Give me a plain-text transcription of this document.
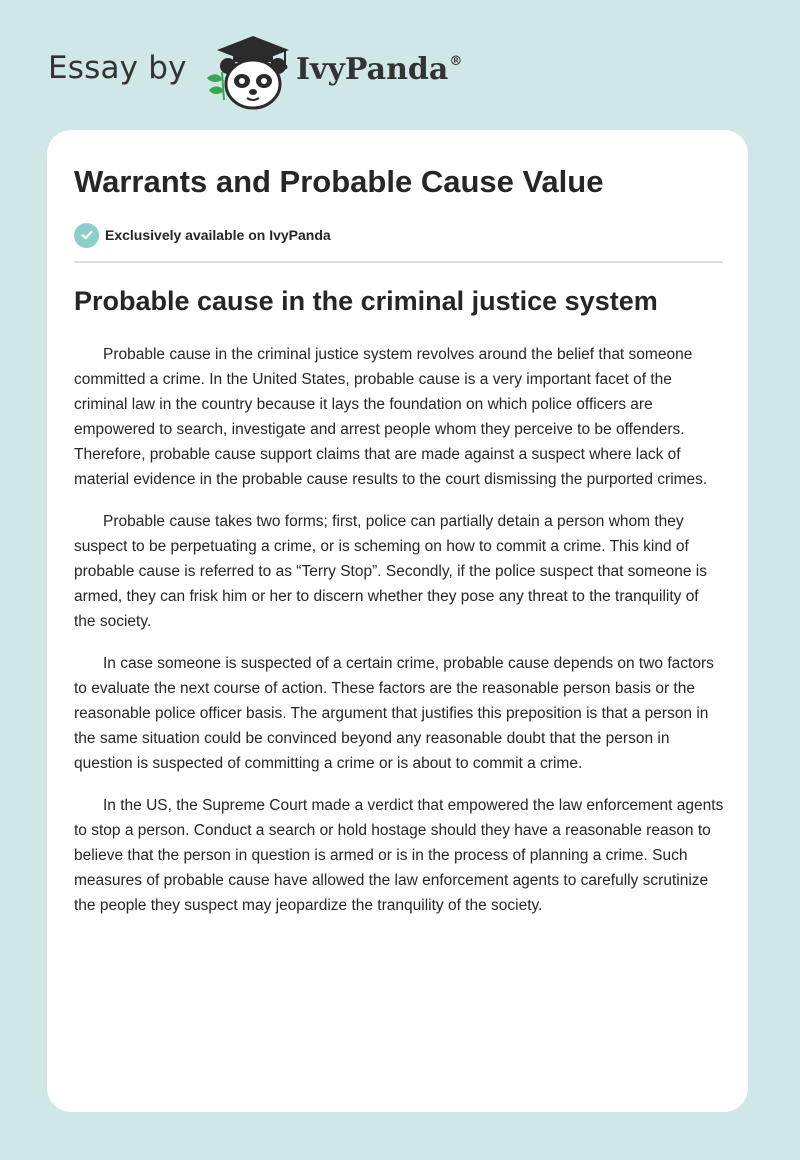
Essay by	IvyPanda®
Warrants and Probable Cause Value
Exclusively available on IvyPanda
Probable cause in the criminal justice system

Probable cause in the criminal justice system revolves around the belief that someone committed a crime. In the United States, probable cause is a very important facet of the criminal law in the country because it lays the foundation on which police officers are empowered to search, investigate and arrest people whom they perceive to be offenders. Therefore, probable cause support claims that are made against a suspect where lack of material evidence in the probable cause results to the court dismissing the purported crimes.

Probable cause takes two forms; first, police can partially detain a person whom they suspect to be perpetuating a crime, or is scheming on how to commit a crime. This kind of probable cause is referred to as “Terry Stop”. Secondly, if the police suspect that someone is armed, they can frisk him or her to discern whether they pose any threat to the tranquility of the society.

In case someone is suspected of a certain crime, probable cause depends on two factors to evaluate the next course of action. These factors are the reasonable person basis or the reasonable police officer basis. The argument that justifies this preposition is that a person in the same situation could be convinced beyond any reasonable doubt that the person in question is suspected of committing a crime or is about to commit a crime.

In the US, the Supreme Court made a verdict that empowered the law enforcement agents to stop a person. Conduct a search or hold hostage should they have a reasonable reason to believe that the person in question is armed or is in the process of planning a crime. Such measures of probable cause have allowed the law enforcement agents to carefully scrutinize the people they suspect may jeopardize the tranquility of the society.
